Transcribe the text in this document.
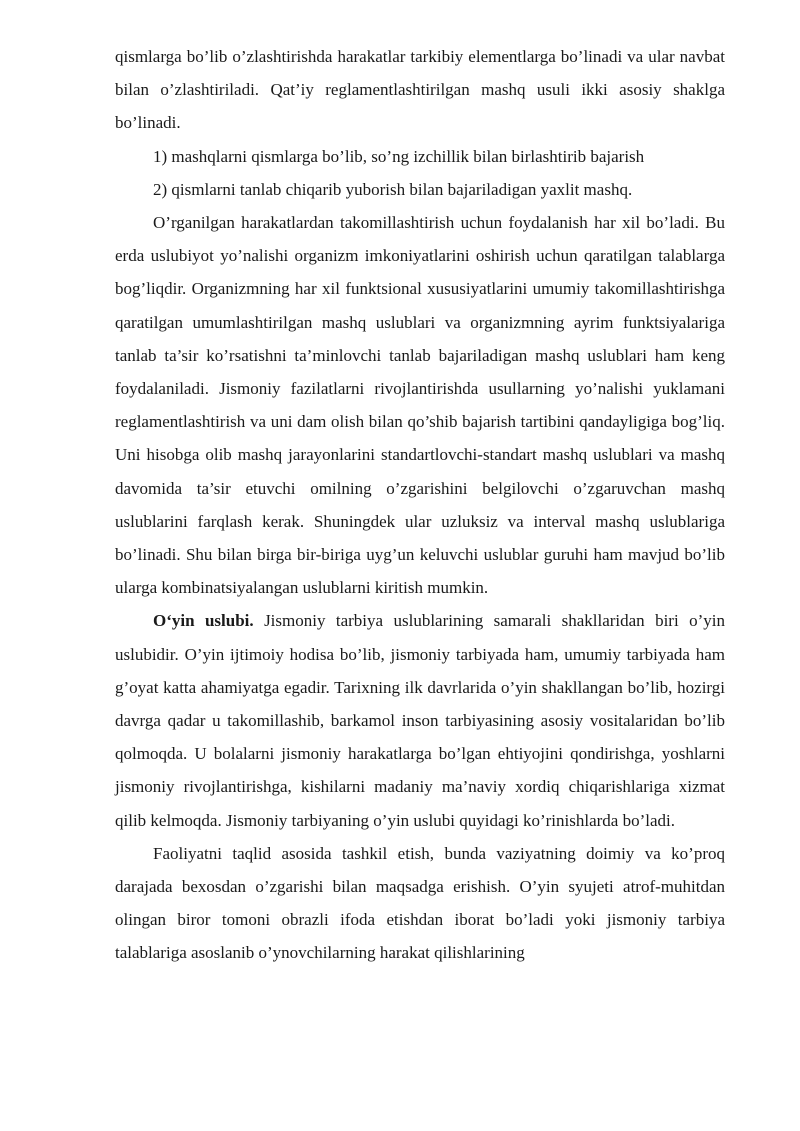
qismlarga bo’lib o’zlashtirishda harakatlar tarkibiy elementlarga bo’linadi va ular navbat bilan o’zlashtiriladi. Qat’iy reglamentlashtirilgan mashq usuli ikki asosiy shaklga bo’linadi.

1) mashqlarni qismlarga bo’lib, so’ng izchillik bilan birlashtirib bajarish

2) qismlarni tanlab chiqarib yuborish bilan bajariladigan yaxlit mashq.

O’rganilgan harakatlardan takomillashtirish uchun foydalanish har xil bo’ladi. Bu erda uslubiyot yo’nalishi organizm imkoniyatlarini oshirish uchun qaratilgan talablarga bog’liqdir. Organizmning har xil funktsional xususiyatlarini umumiy takomillashtirishga qaratilgan umumlashtirilgan mashq uslublari va organizmning ayrim funktsiyalariga tanlab ta’sir ko’rsatishni ta’minlovchi tanlab bajariladigan mashq uslublari ham keng foydalaniladi. Jismoniy fazilatlarni rivojlantirishda usullarning yo’nalishi yuklamani reglamentlashtirish va uni dam olish bilan qo’shib bajarish tartibini qandayligiga bog’liq. Uni hisobga olib mashq jarayonlarini standartlovchi-standart mashq uslublari va mashq davomida ta’sir etuvchi omilning o’zgarishini belgilovchi o’zgaruvchan mashq uslublarini farqlash kerak. Shuningdek ular uzluksiz va interval mashq uslublariga bo’linadi. Shu bilan birga bir-biriga uyg’un keluvchi uslublar guruhi ham mavjud bo’lib ularga kombinatsiyalangan uslublarni kiritish mumkin.

O‘yin uslubi. Jismoniy tarbiya uslublarining samarali shakllaridan biri o’yin uslubidir. O’yin ijtimoiy hodisa bo’lib, jismoniy tarbiyada ham, umumiy tarbiyada ham g’oyat katta ahamiyatga egadir. Tarixning ilk davrlarida o’yin shakllangan bo’lib, hozirgi davrga qadar u takomillashib, barkamol inson tarbiyasining asosiy vositalaridan bo’lib qolmoqda. U bolalarni jismoniy harakatlarga bo’lgan ehtiyojini qondirishga, yoshlarni jismoniy rivojlantirishga, kishilarni madaniy ma’naviy xordiq chiqarishlariga xizmat qilib kelmoqda. Jismoniy tarbiyaning o’yin uslubi quyidagi ko’rinishlarda bo’ladi.

Faoliyatni taqlid asosida tashkil etish, bunda vaziyatning doimiy va ko’proq darajada bexosdan o’zgarishi bilan maqsadga erishish. O’yin syujeti atrof-muhitdan olingan biror tomoni obrazli ifoda etishdan iborat bo’ladi yoki jismoniy tarbiya talablariga asoslanib o’ynovchilarning harakat qilishlarining
